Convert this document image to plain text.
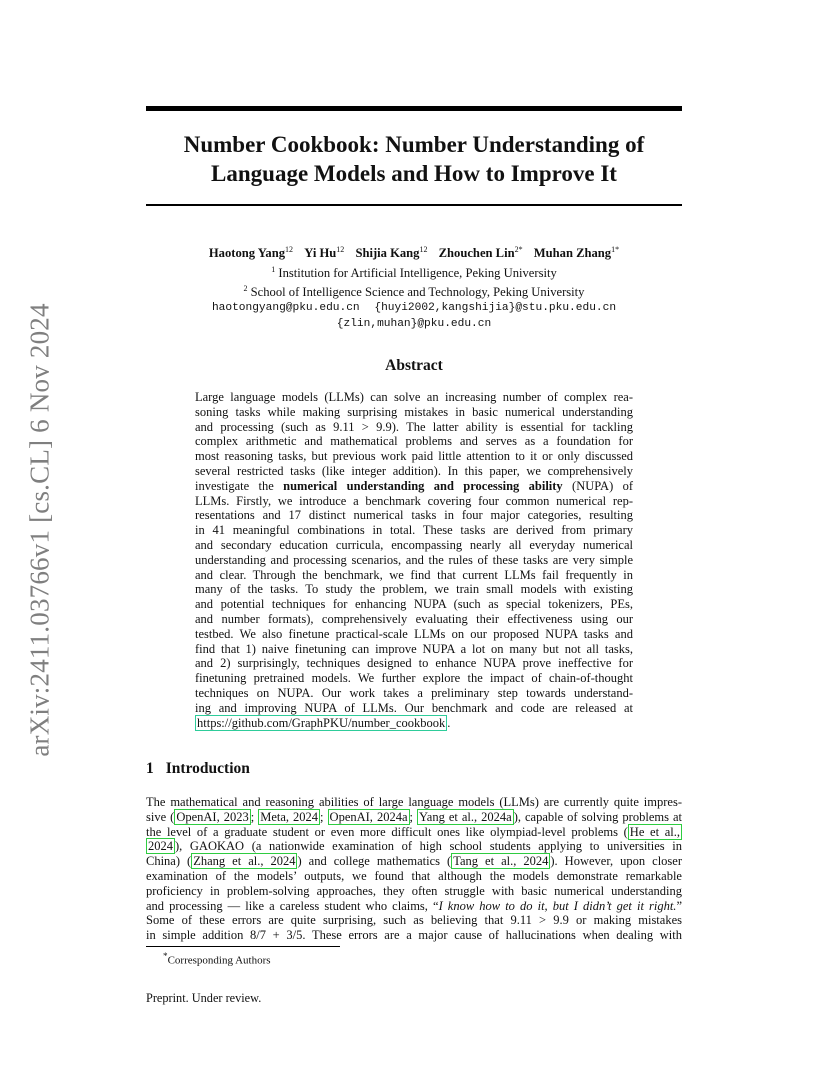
arXiv:2411.03766v1 [cs.CL] 6 Nov 2024
Number Cookbook: Number Understanding of
Language Models and How to Improve It
Haotong Yang$^{12}$ Yi Hu$^{12}$ Shijia Kang$^{12}$ Zhouchen Lin$^{2*}$ Muhan Zhang$^{1*}$
$^1$ Institution for Artificial Intelligence, Peking University
$^2$ School of Intelligence Science and Technology, Peking University
haotongyang@pku.edu.cn {huyi2002,kangshijia}@stu.pku.edu.cn
{zlin,muhan}@pku.edu.cn
Abstract
Large language models (LLMs) can solve an increasing number of complex rea-
soning tasks while making surprising mistakes in basic numerical understanding
and processing (such as 9.11 > 9.9). The latter ability is essential for tackling
complex arithmetic and mathematical problems and serves as a foundation for
most reasoning tasks, but previous work paid little attention to it or only discussed
several restricted tasks (like integer addition). In this paper, we comprehensively
investigate the numerical understanding and processing ability (NUPA) of
LLMs. Firstly, we introduce a benchmark covering four common numerical rep-
resentations and 17 distinct numerical tasks in four major categories, resulting
in 41 meaningful combinations in total. These tasks are derived from primary
and secondary education curricula, encompassing nearly all everyday numerical
understanding and processing scenarios, and the rules of these tasks are very simple
and clear. Through the benchmark, we find that current LLMs fail frequently in
many of the tasks. To study the problem, we train small models with existing
and potential techniques for enhancing NUPA (such as special tokenizers, PEs,
and number formats), comprehensively evaluating their effectiveness using our
testbed. We also finetune practical-scale LLMs on our proposed NUPA tasks and
find that 1) naive finetuning can improve NUPA a lot on many but not all tasks,
and 2) surprisingly, techniques designed to enhance NUPA prove ineffective for
finetuning pretrained models. We further explore the impact of chain-of-thought
techniques on NUPA. Our work takes a preliminary step towards understand-
ing and improving NUPA of LLMs. Our benchmark and code are released at
https://github.com/GraphPKU/number_cookbook .
1 Introduction
The mathematical and reasoning abilities of large language models (LLMs) are currently quite impres-
sive ( OpenAI, 2023 ; Meta, 2024 ; OpenAI, 2024a ; Yang et al., 2024a ), capable of solving problems at
the level of a graduate student or even more difficult ones like olympiad-level problems ( He et al.,
2024 ), GAOKAO (a nationwide examination of high school students applying to universities in
China) ( Zhang et al., 2024 ) and college mathematics ( Tang et al., 2024 ). However, upon closer
examination of the models’ outputs, we found that although the models demonstrate remarkable
proficiency in problem-solving approaches, they often struggle with basic numerical understanding
and processing — like a careless student who claims, “I know how to do it, but I didn’t get it right.”
Some of these errors are quite surprising, such as believing that 9.11 > 9.9 or making mistakes
in simple addition 8/7 + 3/5. These errors are a major cause of hallucinations when dealing with
*Corresponding Authors
Preprint. Under review.
